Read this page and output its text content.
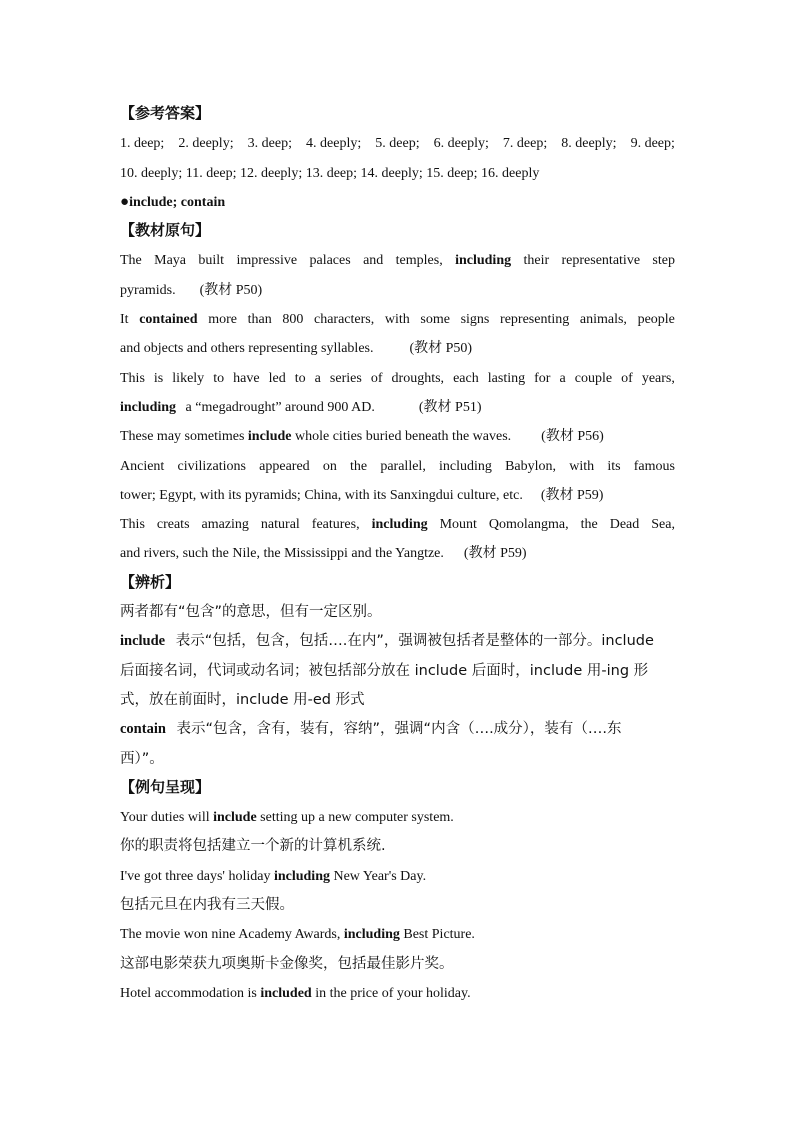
【参考答案】
1. deep; 2. deeply; 3. deep; 4. deeply; 5. deep; 6. deeply; 7. deep; 8. deeply; 9. deep;
10. deeply; 11. deep; 12. deeply; 13. deep; 14. deeply; 15. deep; 16. deeply
●include; contain
【教材原句】
The Maya built impressive palaces and temples, including their representative step
pyramids. (教材 P50)
It contained more than 800 characters, with some signs representing animals, people
and objects and others representing syllables.	(教材 P50)
This is likely to have led to a series of droughts, each lasting for a couple of years,
including a “megadrought” around 900 AD.	(教材 P51)
These may sometimes include whole cities buried beneath the waves. (教材 P56)
Ancient civilizations appeared on the parallel, including Babylon, with its famous
tower; Egypt, with its pyramids; China, with its Sanxingdui culture, etc. (教材 P59)
This creats amazing natural features, including Mount Qomolangma, the Dead Sea,
and rivers, such the Nile, the Mississippi and the Yangtze. (教材 P59)
【辨析】
两者都有“包含”的意思，但有一定区别。
include 表示“包括，包含，包括….在内”，强调被包括者是整体的一部分。include
后面接名词，代词或动名词；被包括部分放在 include 后面时，include 用-ing 形
式，放在前面时，include 用-ed 形式
contain 表示“包含，含有，装有，容纳”，强调“内含（….成分），装有（….东
西）”。
【例句呈现】
Your duties will include setting up a new computer system.
你的职责将包括建立一个新的计算机系统.
I've got three days' holiday including New Year's Day.
包括元旦在内我有三天假。
The movie won nine Academy Awards, including Best Picture.
这部电影荣获九项奥斯卡金像奖，包括最佳影片奖。
Hotel accommodation is included in the price of your holiday.
